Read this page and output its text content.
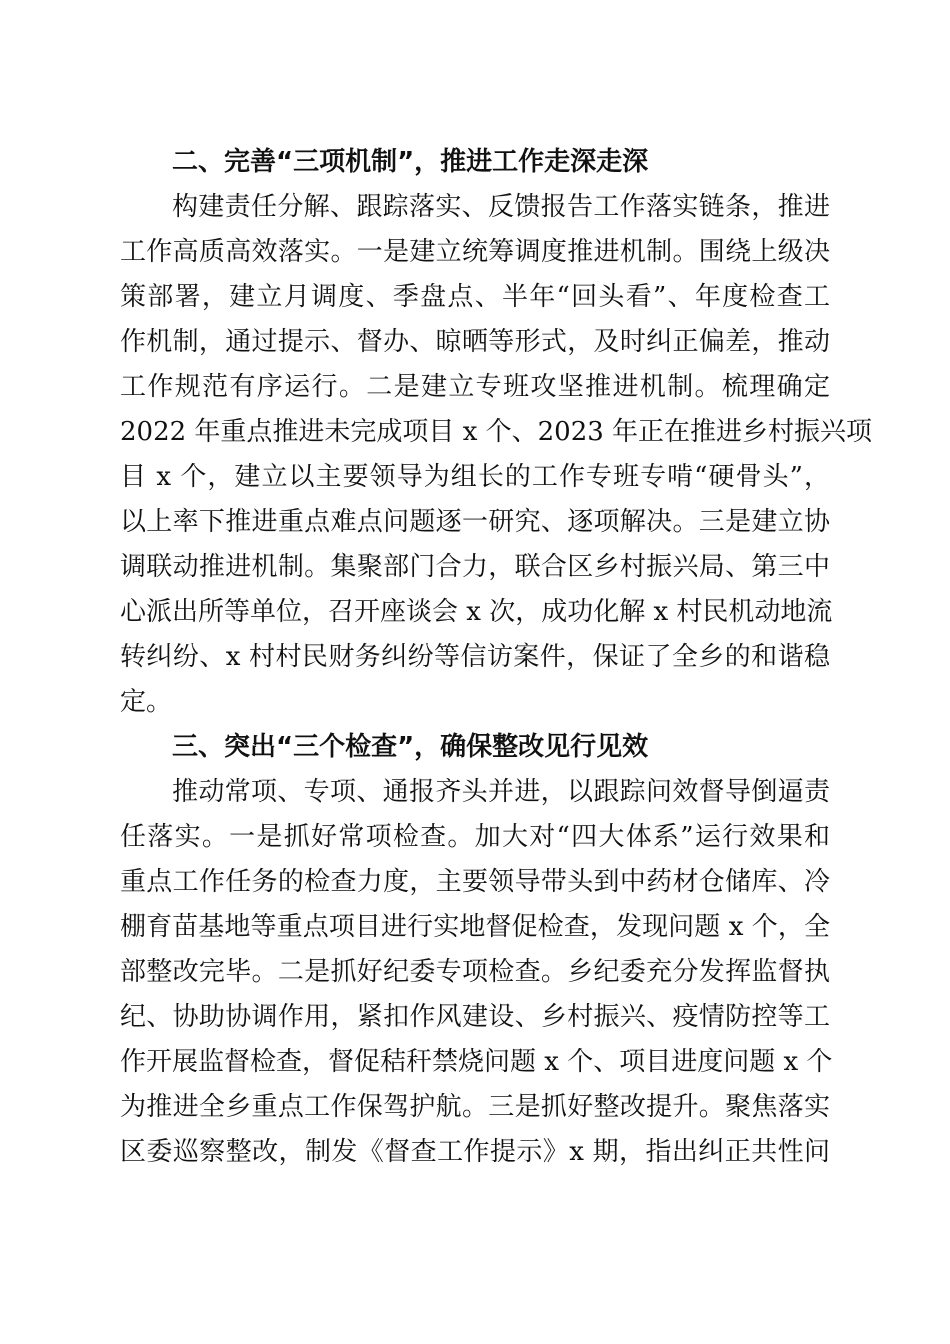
二、完善“三项机制”，推进工作走深走深
构建责任分解、跟踪落实、反馈报告工作落实链条，推进
工作高质高效落实。一是建立统筹调度推进机制。围绕上级决
策部署，建立月调度、季盘点、半年“回头看”、年度检查工
作机制，通过提示、督办、晾晒等形式，及时纠正偏差，推动
工作规范有序运行。二是建立专班攻坚推进机制。梳理确定
2022 年重点推进未完成项目 x 个、2023 年正在推进乡村振兴项
目 x 个，建立以主要领导为组长的工作专班专啃“硬骨头”，
以上率下推进重点难点问题逐一研究、逐项解决。三是建立协
调联动推进机制。集聚部门合力，联合区乡村振兴局、第三中
心派出所等单位，召开座谈会 x 次，成功化解 x 村民机动地流
转纠纷、x 村村民财务纠纷等信访案件，保证了全乡的和谐稳
定。
三、突出“三个检查”，确保整改见行见效
推动常项、专项、通报齐头并进，以跟踪问效督导倒逼责
任落实。一是抓好常项检查。加大对“四大体系”运行效果和
重点工作任务的检查力度，主要领导带头到中药材仓储库、冷
棚育苗基地等重点项目进行实地督促检查，发现问题 x 个，全
部整改完毕。二是抓好纪委专项检查。乡纪委充分发挥监督执
纪、协助协调作用，紧扣作风建设、乡村振兴、疫情防控等工
作开展监督检查，督促秸秆禁烧问题 x 个、项目进度问题 x 个
为推进全乡重点工作保驾护航。三是抓好整改提升。聚焦落实
区委巡察整改，制发《督查工作提示》x 期，指出纠正共性问
